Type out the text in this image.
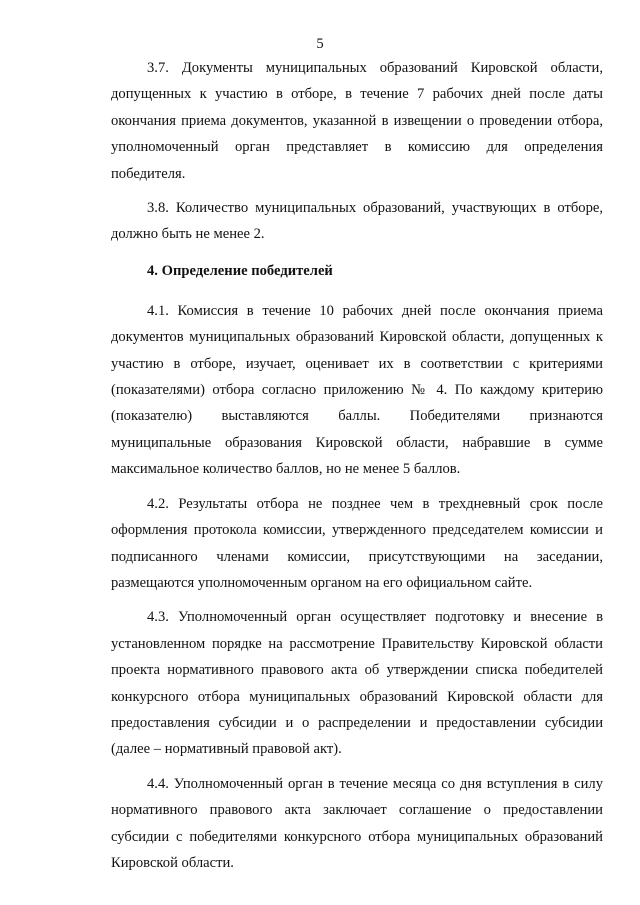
5

3.7. Документы муниципальных образований Кировской области, допущенных к участию в отборе, в течение 7 рабочих дней после даты окончания приема документов, указанной в извещении о проведении отбора, уполномоченный орган представляет в комиссию для определения победителя.

3.8. Количество муниципальных образований, участвующих в отборе, должно быть не менее 2.

4. Определение победителей

4.1. Комиссия в течение 10 рабочих дней после окончания приема документов муниципальных образований Кировской области, допущенных к участию в отборе, изучает, оценивает их в соответствии с критериями (показателями) отбора согласно приложению № 4. По каждому критерию (показателю) выставляются баллы. Победителями признаются муниципальные образования Кировской области, набравшие в сумме максимальное количество баллов, но не менее 5 баллов.

4.2. Результаты отбора не позднее чем в трехдневный срок после оформления протокола комиссии, утвержденного председателем комиссии и подписанного членами комиссии, присутствующими на заседании, размещаются уполномоченным органом на его официальном сайте.

4.3. Уполномоченный орган осуществляет подготовку и внесение в установленном порядке на рассмотрение Правительству Кировской области проекта нормативного правового акта об утверждении списка победителей конкурсного отбора муниципальных образований Кировской области для предоставления субсидии и о распределении и предоставлении субсидии (далее – нормативный правовой акт).

4.4. Уполномоченный орган в течение месяца со дня вступления в силу нормативного правового акта заключает соглашение о предоставлении субсидии с победителями конкурсного отбора муниципальных образований Кировской области.
